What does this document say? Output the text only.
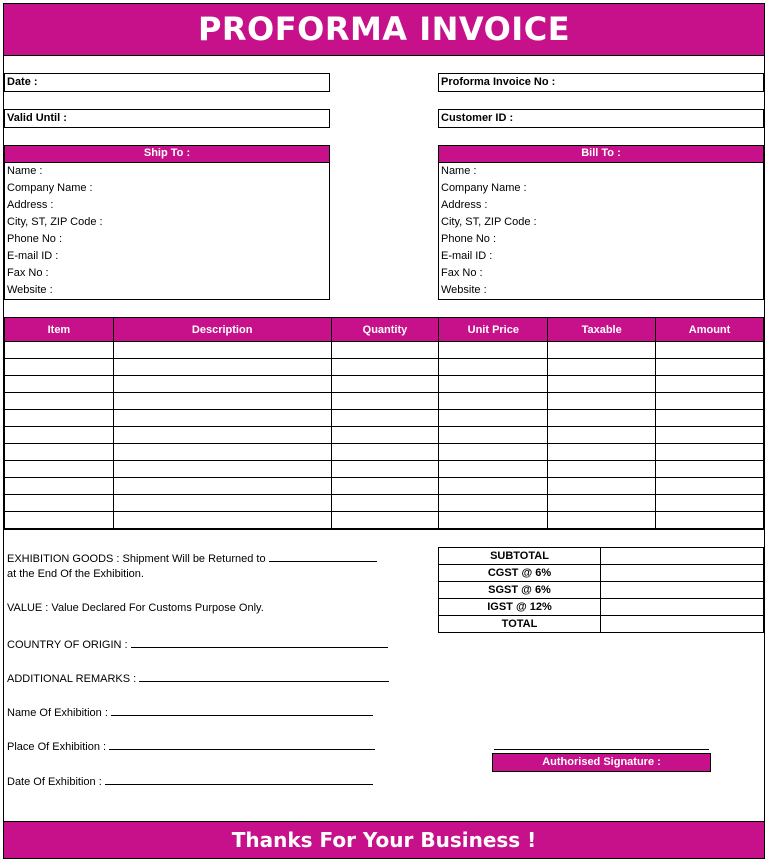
PROFORMA INVOICE
Date :	Proforma Invoice No :
Valid Until :	Customer ID :
Ship To :
Name :
Company Name :
Address :
City, ST, ZIP Code :
Phone No :
E-mail ID :
Fax No :
Website :
Bill To :
Name :
Company Name :
Address :
City, ST, ZIP Code :
Phone No :
E-mail ID :
Fax No :
Website :
Item	Description	Quantity	Unit Price	Taxable	Amount

EXHIBITION GOODS : Shipment Will be Returned to
at the End Of the Exhibition.
VALUE : Value Declared For Customs Purpose Only.
COUNTRY OF ORIGIN :
ADDITIONAL REMARKS :
Name Of Exhibition :
Place Of Exhibition :
Date Of Exhibition :
SUBTOTAL	
CGST @ 6%	
SGST @ 6%	
IGST @ 12%	
TOTAL	
Authorised Signature :
Thanks For Your Business !
